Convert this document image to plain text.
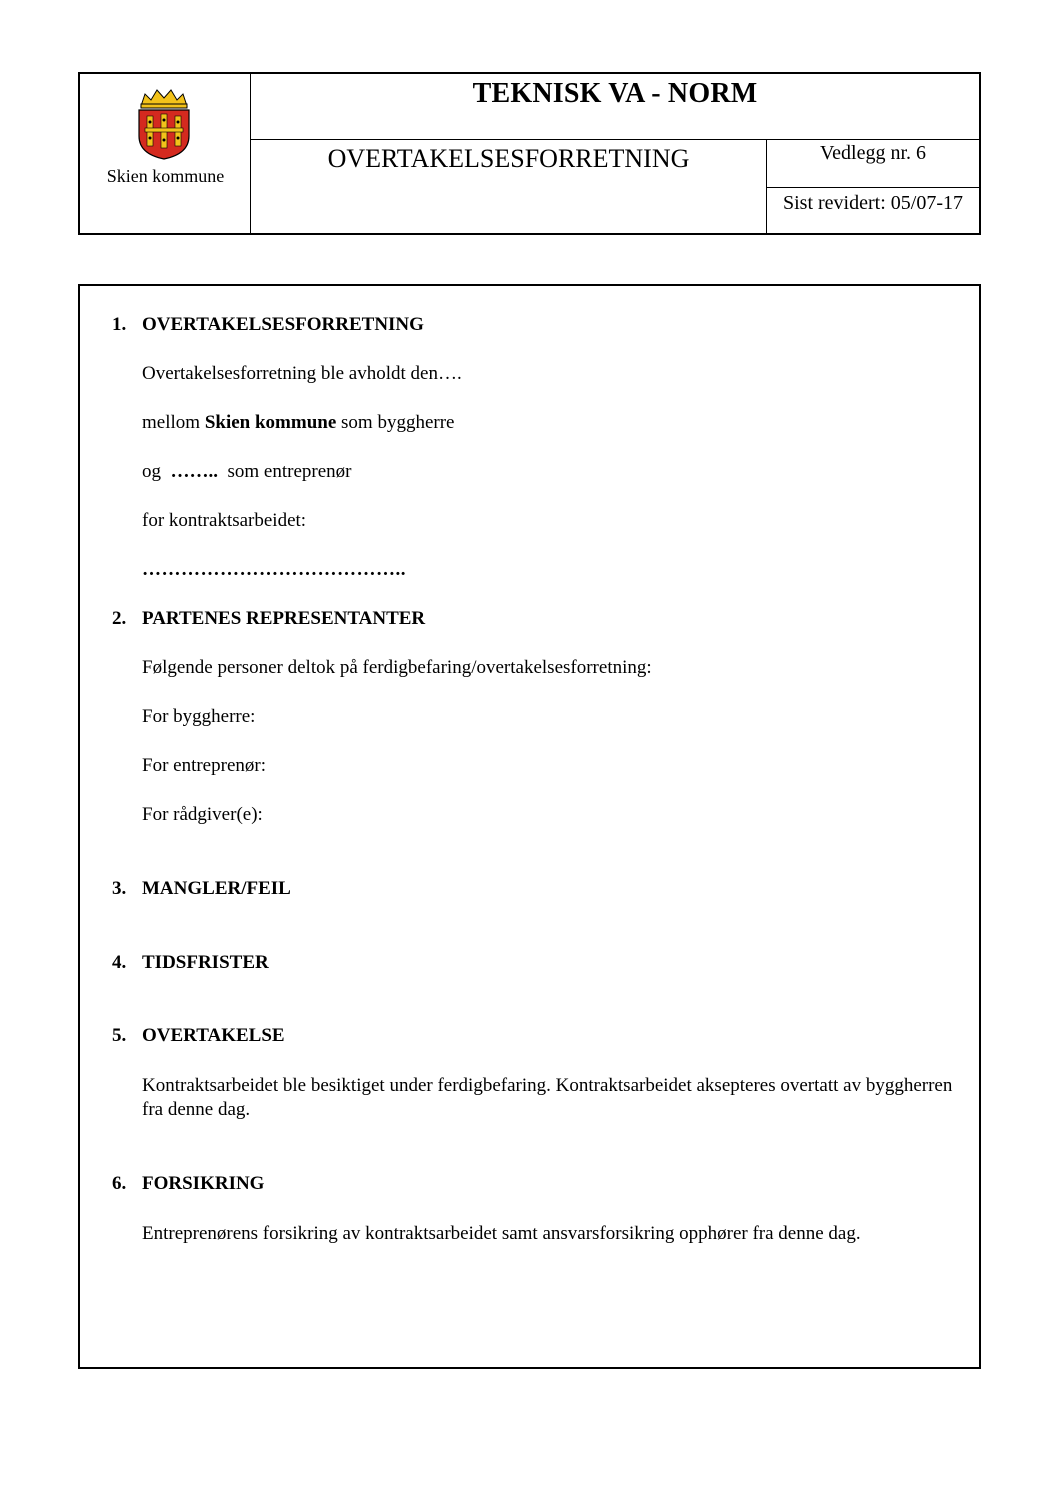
Skien kommune
TEKNISK VA - NORM
OVERTAKELSESFORRETNING	Vedlegg nr. 6
Sist revidert: 05/07-17
1. OVERTAKELSESFORRETNING
Overtakelsesforretning ble avholdt den….
mellom Skien kommune som byggherre
og  ……..  som entreprenør
for kontraktsarbeidet:
…………………………………..
2. PARTENES REPRESENTANTER
Følgende personer deltok på ferdigbefaring/overtakelsesforretning:
For byggherre:
For entreprenør:
For rådgiver(e):
3. MANGLER/FEIL
4. TIDSFRISTER
5. OVERTAKELSE
Kontraktsarbeidet ble besiktiget under ferdigbefaring. Kontraktsarbeidet aksepteres overtatt av byggherren fra denne dag.
6. FORSIKRING
Entreprenørens forsikring av kontraktsarbeidet samt ansvarsforsikring opphører fra denne dag.
